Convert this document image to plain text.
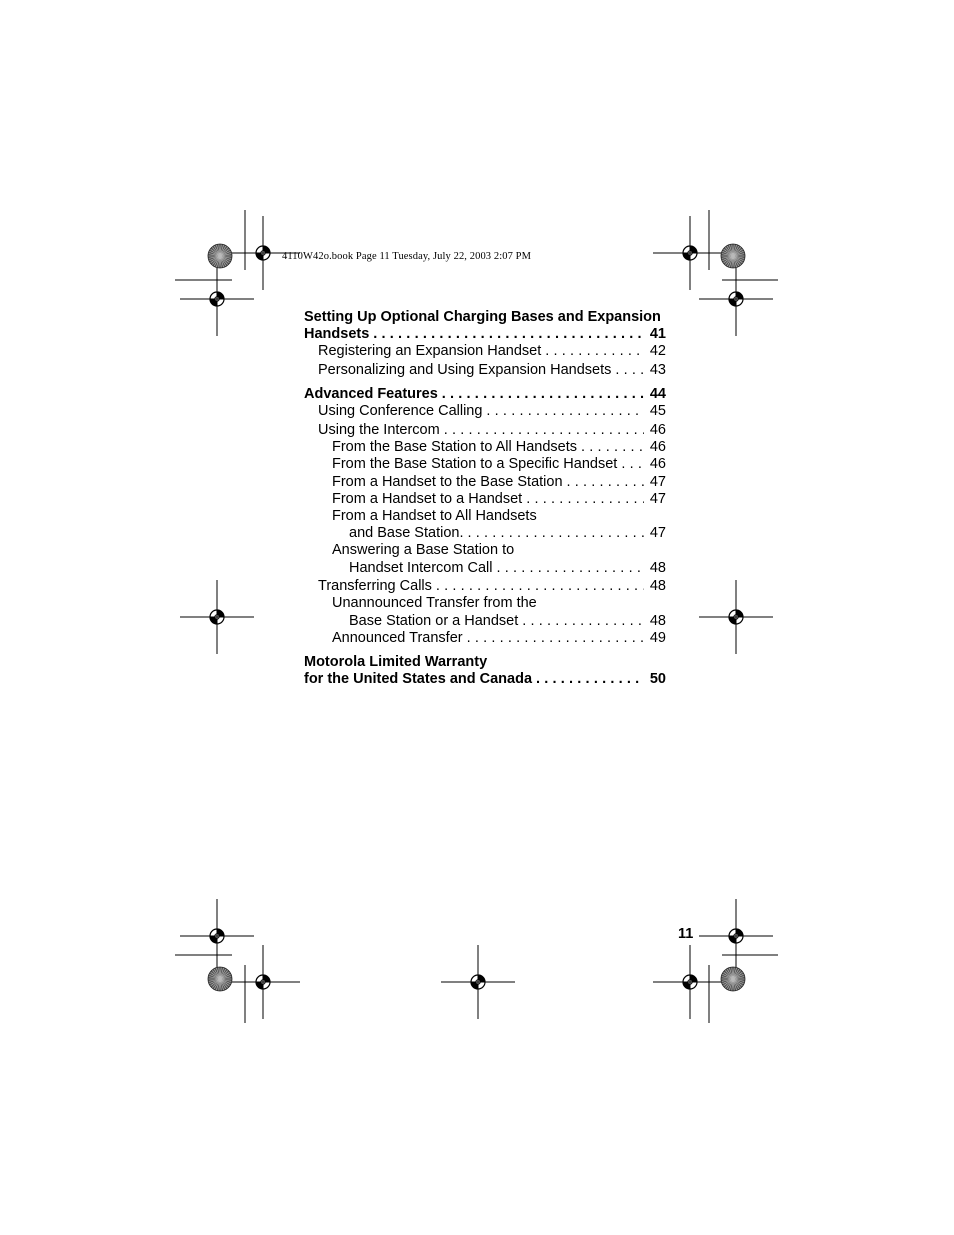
4110W42o.book Page 11 Tuesday, July 22, 2003 2:07 PM
Setting Up Optional Charging Bases and Expansion
Handsets . . .	41
Registering an Expansion Handset . . .	42
Personalizing and Using Expansion Handsets . . .	43
Advanced Features . . .	44
Using Conference Calling . . .	45
Using the Intercom . . .	46
From the Base Station to All Handsets . . .	46
From the Base Station to a Specific Handset . . . 46
From a Handset to the Base Station . . .	47
From a Handset to a Handset . . .	47
From a Handset to All Handsets
and Base Station. . . .	47
Answering a Base Station to
Handset Intercom Call . . .	48
Transferring Calls . . .	48
Unannounced Transfer from the
Base Station or a Handset . . .	48
Announced Transfer . . .	49
Motorola Limited Warranty
for the United States and Canada . . .	50
11
